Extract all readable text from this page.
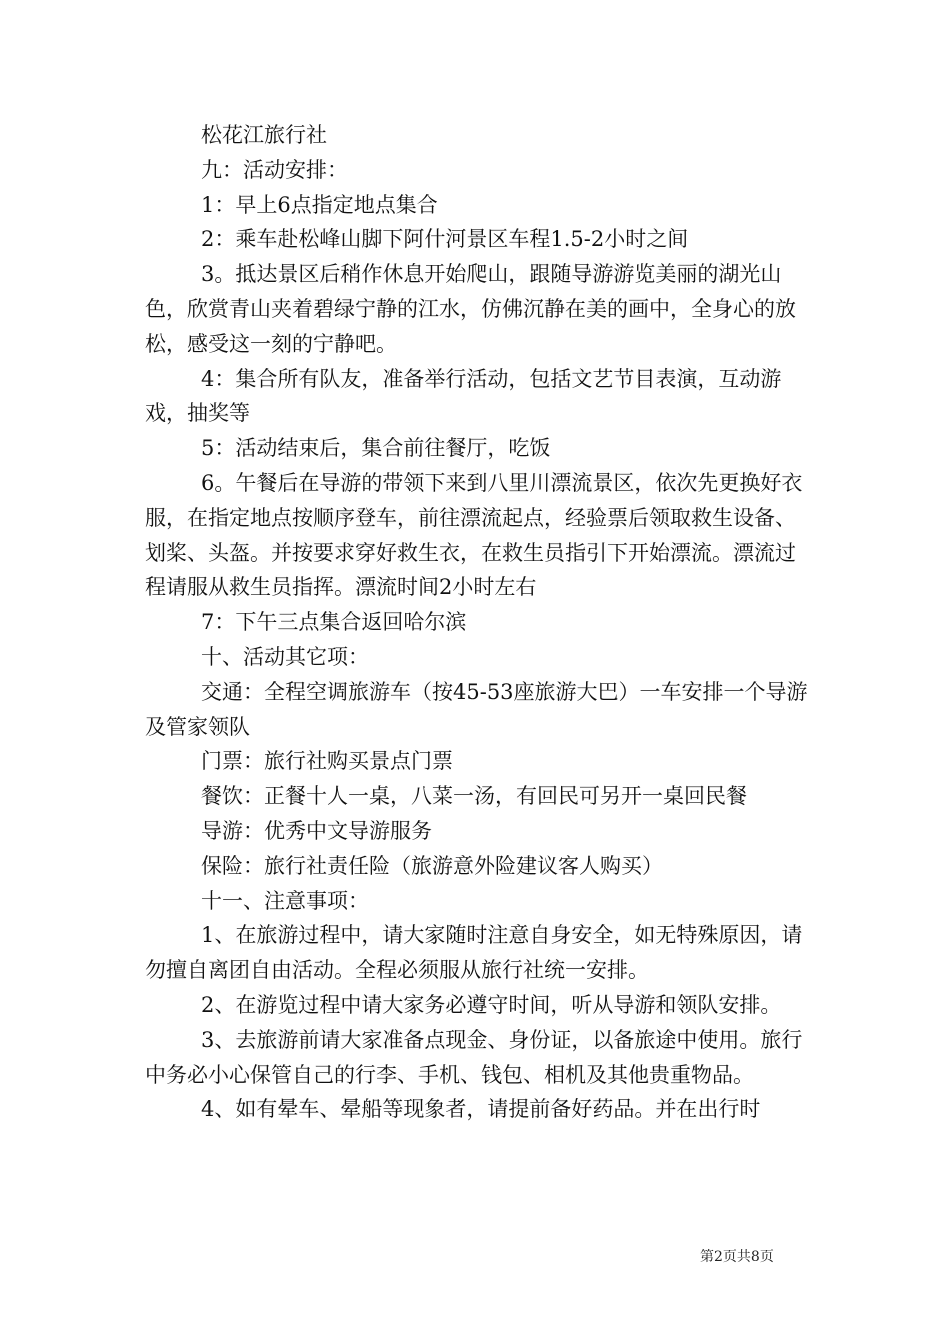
松花江旅行社

九：活动安排：

1：早上6点指定地点集合

2：乘车赴松峰山脚下阿什河景区车程1.5-2小时之间

3。抵达景区后稍作休息开始爬山，跟随导游游览美丽的湖光山色，欣赏青山夹着碧绿宁静的江水，仿佛沉静在美的画中，全身心的放松，感受这一刻的宁静吧。

4：集合所有队友，准备举行活动，包括文艺节目表演，互动游戏，抽奖等

5：活动结束后，集合前往餐厅，吃饭

6。午餐后在导游的带领下来到八里川漂流景区，依次先更换好衣服，在指定地点按顺序登车，前往漂流起点，经验票后领取救生设备、划桨、头盔。并按要求穿好救生衣，在救生员指引下开始漂流。漂流过程请服从救生员指挥。漂流时间2小时左右

7：下午三点集合返回哈尔滨

十、活动其它项：

交通：全程空调旅游车（按45-53座旅游大巴）一车安排一个导游及管家领队

门票：旅行社购买景点门票

餐饮：正餐十人一桌，八菜一汤，有回民可另开一桌回民餐

导游：优秀中文导游服务

保险：旅行社责任险（旅游意外险建议客人购买）

十一、注意事项：

1、在旅游过程中，请大家随时注意自身安全，如无特殊原因，请勿擅自离团自由活动。全程必须服从旅行社统一安排。

2、在游览过程中请大家务必遵守时间，听从导游和领队安排。

3、去旅游前请大家准备点现金、身份证，以备旅途中使用。旅行中务必小心保管自己的行李、手机、钱包、相机及其他贵重物品。

4、如有晕车、晕船等现象者，请提前备好药品。并在出行时

第2页共8页
